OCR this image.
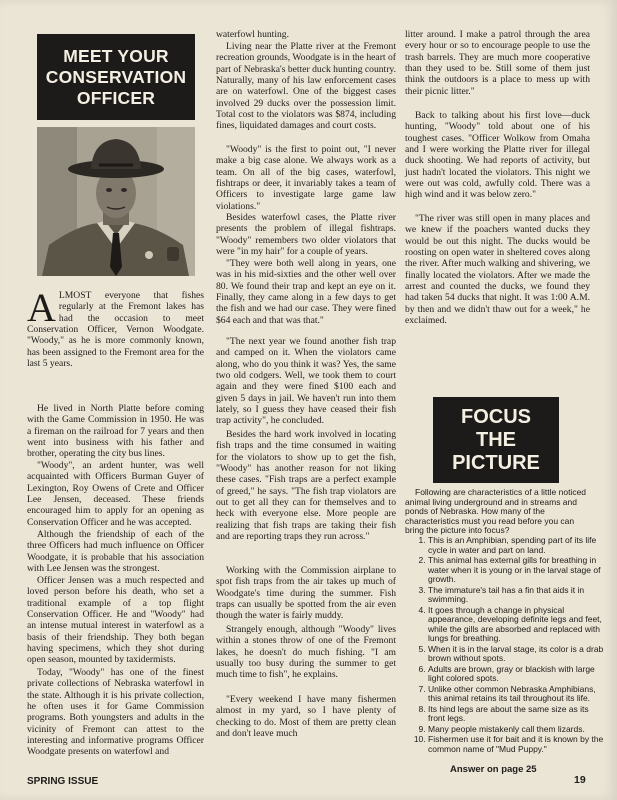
MEET YOUR
CONSERVATION
OFFICER

ALMOST everyone that fishes regularly at the Fremont lakes has had the occasion to meet Conservation Officer, Vernon Woodgate. "Woody," as he is more commonly known, has been assigned to the Fremont area for the last 5 years.

He lived in North Platte before coming with the Game Commission in 1950. He was a fireman on the railroad for 7 years and then went into business with his father and brother, operating the city bus lines.

"Woody", an ardent hunter, was well acquainted with Officers Burman Guyer of Lexington, Roy Owens of Crete and Officer Lee Jensen, deceased. These friends encouraged him to apply for an opening as Conservation Officer and he was accepted.

Although the friendship of each of the three Officers had much influence on Officer Woodgate, it is probable that his association with Lee Jensen was the strongest.

Officer Jensen was a much respected and loved person before his death, who set a traditional example of a top flight Conservation Officer. He and "Woody" had an intense mutual interest in waterfowl as a basis of their friendship. They both began having specimens, which they shot during open season, mounted by taxidermists.

Today, "Woody" has one of the finest private collections of Nebraska waterfowl in the state. Although it is his private collection, he often uses it for Game Commission programs. Both youngsters and adults in the vicinity of Fremont can attest to the interesting and informative programs Officer Woodgate presents on waterfowl and

waterfowl hunting.

Living near the Platte river at the Fremont recreation grounds, Woodgate is in the heart of part of Nebraska's better duck hunting country. Naturally, many of his law enforcement cases are on waterfowl. One of the biggest cases involved 29 ducks over the possession limit. Total cost to the violators was $874, including fines, liquidated damages and court costs.

"Woody" is the first to point out, "I never make a big case alone. We always work as a team. On all of the big cases, waterfowl, fishtraps or deer, it invariably takes a team of Officers to investigate large game law violations."

Besides waterfowl cases, the Platte river presents the problem of illegal fishtraps. "Woody" remembers two older violators that were "in my hair" for a couple of years.

"They were both well along in years, one was in his mid-sixties and the other well over 80. We found their trap and kept an eye on it. Finally, they came along in a few days to get the fish and we had our case. They were fined $64 each and that was that."

"The next year we found another fish trap and camped on it. When the violators came along, who do you think it was? Yes, the same two old codgers. Well, we took them to court again and they were fined $100 each and given 5 days in jail. We haven't run into them lately, so I guess they have ceased their fish trap activity", he concluded.

Besides the hard work involved in locating fish traps and the time consumed in waiting for the violators to show up to get the fish, "Woody" has another reason for not liking these cases. "Fish traps are a perfect example of greed," he says. "The fish trap violators are out to get all they can for themselves and to heck with everyone else. More people are realizing that fish traps are taking their fish and are reporting traps they run across."

Working with the Commission airplane to spot fish traps from the air takes up much of Woodgate's time during the summer. Fish traps can usually be spotted from the air even though the water is fairly muddy.

Strangely enough, although "Woody" lives within a stones throw of one of the Fremont lakes, he doesn't do much fishing. "I am usually too busy during the summer to get much time to fish", he explains.

"Every weekend I have many fishermen almost in my yard, so I have plenty of checking to do. Most of them are pretty clean and don't leave much

litter around. I make a patrol through the area every hour or so to encourage people to use the trash barrels. They are much more cooperative than they used to be. Still some of them just think the outdoors is a place to mess up with their picnic litter."

Back to talking about his first love—duck hunting, "Woody" told about one of his toughest cases. "Officer Wolkow from Omaha and I were working the Platte river for illegal duck shooting. We had reports of activity, but just hadn't located the violators. This night we were out was cold, awfully cold. There was a high wind and it was below zero."

"The river was still open in many places and we knew if the poachers wanted ducks they would be out this night. The ducks would be roosting on open water in sheltered coves along the river. After much walking and shivering, we finally located the violators. After we made the arrest and counted the ducks, we found they had taken 54 ducks that night. It was 1:00 A.M. by then and we didn't thaw out for a week," he exclaimed.

FOCUS
THE
PICTURE

Following are characteristics of a little noticed animal living underground and in streams and ponds of Nebraska. How many of the characteristics must you read before you can bring the picture into focus?

1. This is an Amphibian, spending part of its life cycle in water and part on land.
2. This animal has external gills for breathing in water when it is young or in the larval stage of growth.
3. The immature's tail has a fin that aids it in swimming.
4. It goes through a change in physical appearance, developing definite legs and feet, while the gills are absorbed and replaced with lungs for breathing.
5. When it is in the larval stage, its color is a drab brown without spots.
6. Adults are brown, gray or blackish with large light colored spots.
7. Unlike other common Nebraska Amphibians, this animal retains its tail throughout its life.
8. Its hind legs are about the same size as its front legs.
9. Many people mistakenly call them lizards.
10. Fishermen use it for bait and it is known by the common name of "Mud Puppy."
Answer on page 25
SPRING ISSUE	19
